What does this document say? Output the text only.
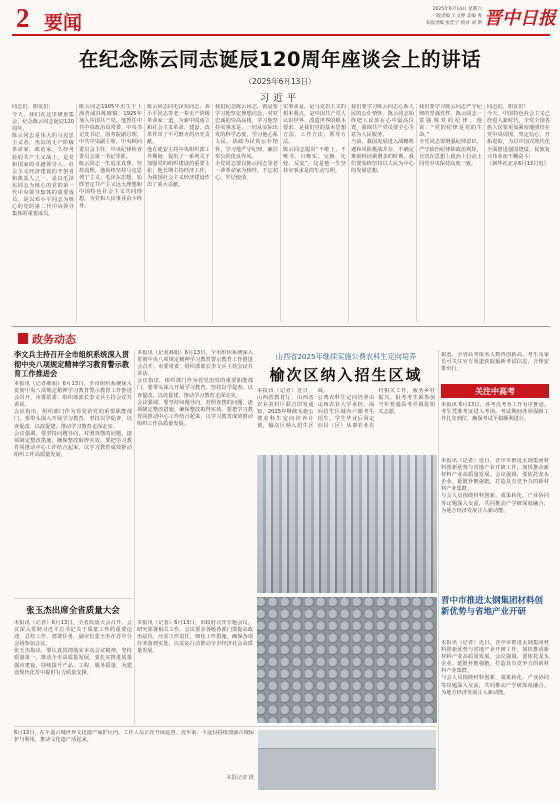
2 要闻
2025年6月14日 星期六
一版责编 王文婷 美编 秀
本版责编 张佳宁 校对 刘 斯 晋中日报
在纪念陈云同志诞辰120周年座谈会上的讲话
（2025年6月13日）
习近平
同志们、朋友们：
今天，我们在这里隆重集会，纪念陈云同志诞辰120周年。
陈云同志是伟大的马克思主义者，杰出的无产阶级革命家、政治家，久经考验的共产主义战士，是党和国家的卓越领导人、社会主义经济建设的开创者和奠基人之一，是以毛泽东同志为核心的党的第一代中央领导集体的重要成员，是以邓小平同志为核心的党的第二代中央领导集体的重要成员。
陈云同志1905年出生于上海青浦县练塘镇。1925年加入中国共产党。他曾任中共中央政治局常委、中央书记处书记，国务院副总理，中共中央副主席，中央顾问委员会主任，中央纪律检查委员会第一书记等职。
陈云同志一生追求真理，坚持真理。他始终坚持马克思列宁主义、毛泽东思想，始终坚定共产主义远大理想和中国特色社会主义共同理想，为党和人民事业奋斗终身。
陈云同志同毛泽东同志、邓小平同志等老一辈无产阶级革命家一道，为新中国成立和社会主义革命、建设、改革作出了不可磨灭的历史贡献。
他在延安主持中央组织部工作期间，提出了一系列关于加强党的组织建设的重要主张；他长期主持经济工作，为我国社会主义经济建设作出了重大贡献。
我们纪念陈云同志，就是要学习他坚定理想信念、对党忠诚的崇高品格，学习他坚持实事求是、一切从实际出发的科学态度，学习他心系人民、执政为民的公仆情怀，学习他严守纪律、廉洁奉公的优良作风。
全党同志要以陈云同志等老一辈革命家为榜样，不忘初心、牢记使命。
实事求是，是马克思主义的根本观点，是中国共产党人认识世界、改造世界的根本要求，是我们党的基本思想方法、工作方法、领导方法。
陈云同志提出“不唯上、不唯书、只唯实，交换、比较、反复”，这是他一生坚持实事求是的生动写照。
我们要学习陈云同志心系人民的公仆情怀。陈云同志始终把人民放在心中最高位置，强调共产党员要全心全意为人民服务。
当前，我国发展进入战略机遇和风险挑战并存、不确定难预料因素增多的时期，我们要始终坚持以人民为中心的发展思想。
我们要学习陈云同志严守纪律的坚强党性。陈云同志一贯强调党的纪律，他说：“党的纪律是党的生命。”
全党同志要增强纪律意识，严守政治纪律和政治规矩，自觉在思想上政治上行动上同党中央保持高度一致。
同志们、朋友们！
今天，中国特色社会主义已经进入新时代。全党全国各族人民要更加紧密地团结在党中央周围，坚定信心、开拓进取，为以中国式现代化全面推进强国建设、民族复兴伟业而不懈奋斗！
（新华社北京6月13日电）
政务动态
李文兵主持召开全市组织系统深入贯彻中央八项规定精神学习教育警示教育工作推进会
本报讯（记者郝娟）6月13日，全市组织系统深入贯彻中央八项规定精神学习教育警示教育工作推进会召开。市委常委、组织部部长李文兵主持会议并讲话。
会议指出，组织部门作为管党治党的重要职能部门，要带头深入开展学习教育，坚持以学促查、以查促改、以改促建，推动学习教育走深走实。
会议强调，要坚持问题导向，对照查摆的问题，逐项制定整改措施，确保整改取得实效。要把学习教育同推动中心工作结合起来，以学习教育成效推动组织工作高质量发展。
张玉杰出席全省质量大会
本报讯（记者）6月13日，全省质量大会召开。会议深入贯彻习近平总书记关于质量工作的重要论述，总结工作，部署任务。副市长张玉杰在晋中分会场参加会议。
张玉杰指出，要认真贯彻落实本次会议精神，坚持质量第一，推动全市高质量发展。要扎实推进质量强市建设，持续提升产品、工程、服务质量，为建设现代化晋中提供有力质量支撑。
本报讯（记者）6月13日，市政府召开专题会议，研究部署相关工作。会议要求各级各部门要提高政治站位，压实工作责任，细化工作措施，确保各项任务落到实处，以实际行动推动全市经济社会高质量发展。
本报讯（记者郝娟）6月13日，全市组织系统深入贯彻中央八项规定精神学习教育警示教育工作推进会召开。市委常委、组织部部长李文兵主持会议并讲话。
会议指出，组织部门作为管党治党的重要职能部门，要带头深入开展学习教育，坚持以学促查、以查促改、以改促建，推动学习教育走深走实。
会议强调，要坚持问题导向，对照查摆的问题，逐项制定整改措施，确保整改取得实效。要把学习教育同推动中心工作结合起来，以学习教育成效推动组织工作高质量发展。
山西省2025年继续实施公费农科生定向培养
榆次区纳入招生区域
本报讯（记者）近日，山西省教育厅、山西省农业农村厅联合印发通知，2025年继续实施公费农科生定向培养计划，榆次区纳入招生区域。
公费农科生定向培养由山西农业大学承担，面向招生区域内户籍考生招生，学生毕业后回定向县（区）从事农业农村相关工作，服务乡村振兴。报考考生须参加当年普通高考并填报相关志愿。
据悉，全省高考报名人数再创新高，考生及家长可关注官方渠道获取最新考试信息，合理安排出行。
关注中高考
本报讯 6月13日，各考点考务工作有序推进，考生凭准考证进入考场，考试期间各项保障工作扎实到位，确保考试平稳顺利进行。
本报讯（记者）近日，晋中市推进太钢集团材料创新优势与省地产业开研工作，加快推动新材料产业高质量发展。会议强调，要依托龙头企业，延链补链强链，打造具有竞争力的新材料产业集群。
与会人员围绕材料创新、成果转化、产业协同等议题深入交流，共同推动产学研深度融合，为地方经济发展注入新动能。
晋中市推进太钢集团材料创新优势与省地产业开研
本报讯（记者）近日，晋中市推进太钢集团材料创新优势与省地产业开研工作，加快推动新材料产业高质量发展。会议强调，要依托龙头企业，延链补链强链，打造具有竞争力的新材料产业集群。
与会人员围绕材料创新、成果转化、产业协同等议题深入交流，共同推动产学研深度融合，为地方经济发展注入新动能。
6月13日，在平遥古城世界文化遗产保护区内，工作人员正在开展巡查。近年来，平遥县持续加强古城保护与利用，推动文化遗产活起来。
本报记者 摄
